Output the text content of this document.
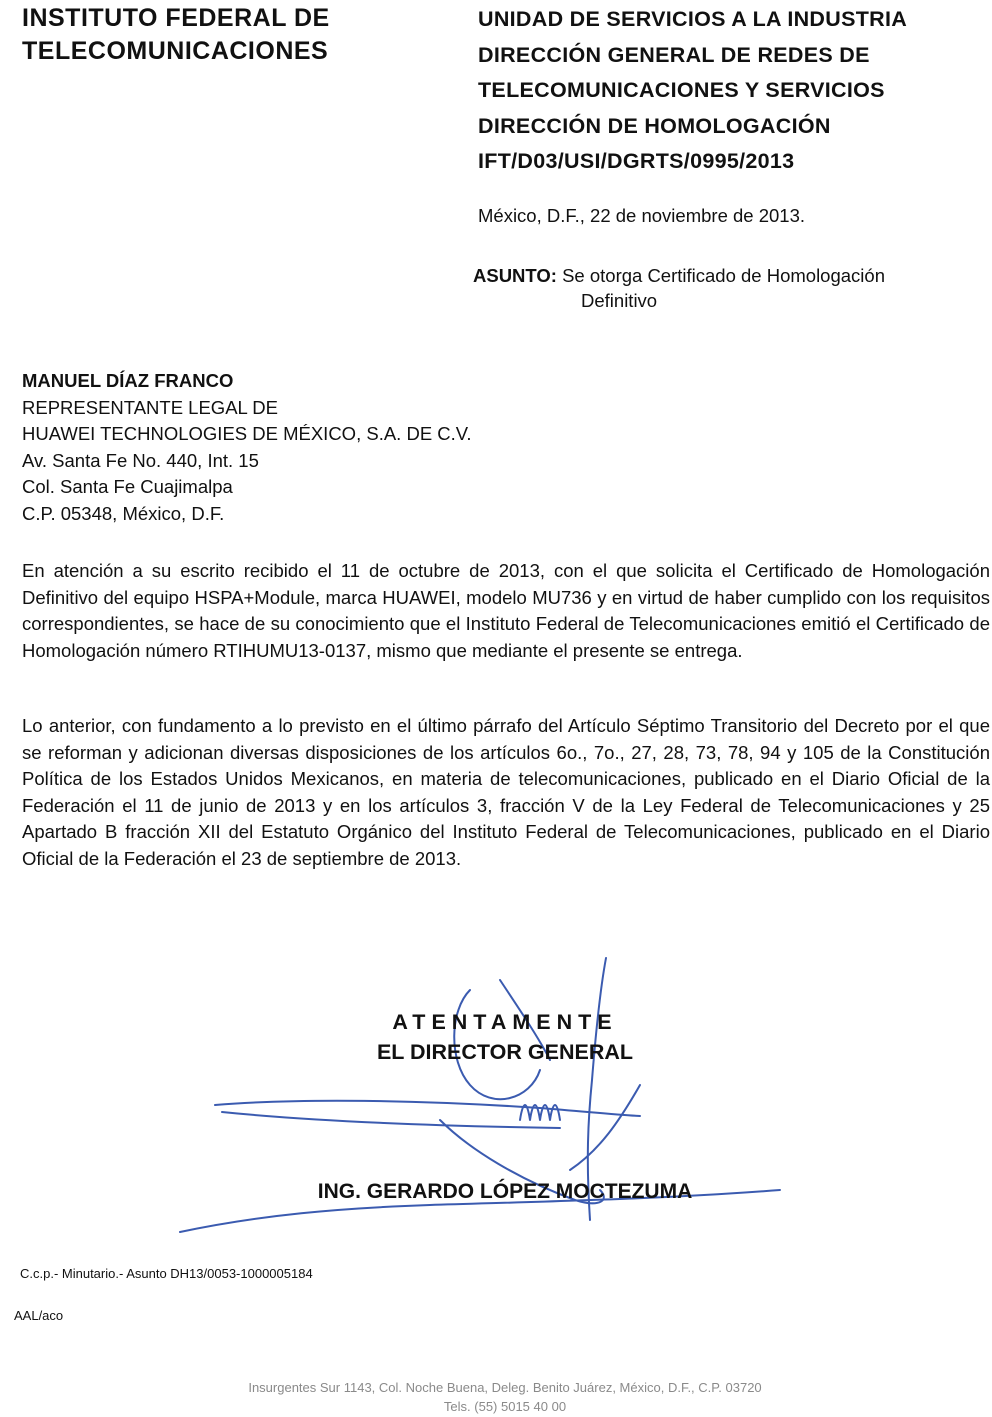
INSTITUTO FEDERAL DE
TELECOMUNICACIONES
UNIDAD DE SERVICIOS A LA INDUSTRIA
DIRECCIÓN GENERAL DE REDES DE
TELECOMUNICACIONES Y SERVICIOS
DIRECCIÓN DE HOMOLOGACIÓN
IFT/D03/USI/DGRTS/0995/2013
México, D.F., 22 de noviembre de 2013.
ASUNTO: Se otorga Certificado de Homologación
Definitivo
MANUEL DÍAZ FRANCO
REPRESENTANTE LEGAL DE
HUAWEI TECHNOLOGIES DE MÉXICO, S.A. DE C.V.
Av. Santa Fe No. 440, Int. 15
Col. Santa Fe Cuajimalpa
C.P. 05348, México, D.F.
En atención a su escrito recibido el 11 de octubre de 2013, con el que solicita el Certificado de Homologación Definitivo del equipo HSPA+Module, marca HUAWEI, modelo MU736 y en virtud de haber cumplido con los requisitos correspondientes, se hace de su conocimiento que el Instituto Federal de Telecomunicaciones emitió el Certificado de Homologación número RTIHUMU13-0137, mismo que mediante el presente se entrega.
Lo anterior, con fundamento a lo previsto en el último párrafo del Artículo Séptimo Transitorio del Decreto por el que se reforman y adicionan diversas disposiciones de los artículos 6o., 7o., 27, 28, 73, 78, 94 y 105 de la Constitución Política de los Estados Unidos Mexicanos, en materia de telecomunicaciones, publicado en el Diario Oficial de la Federación el 11 de junio de 2013 y en los artículos 3, fracción V de la Ley Federal de Telecomunicaciones y 25 Apartado B fracción XII del Estatuto Orgánico del Instituto Federal de Telecomunicaciones, publicado en el Diario Oficial de la Federación el 23 de septiembre de 2013.
ATENTAMENTE
EL DIRECTOR GENERAL
ING. GERARDO LÓPEZ MOCTEZUMA
C.c.p.- Minutario.- Asunto DH13/0053-1000005184
AAL/aco
Insurgentes Sur 1143, Col. Noche Buena, Deleg. Benito Juárez, México, D.F., C.P. 03720
Tels. (55) 5015 40 00
